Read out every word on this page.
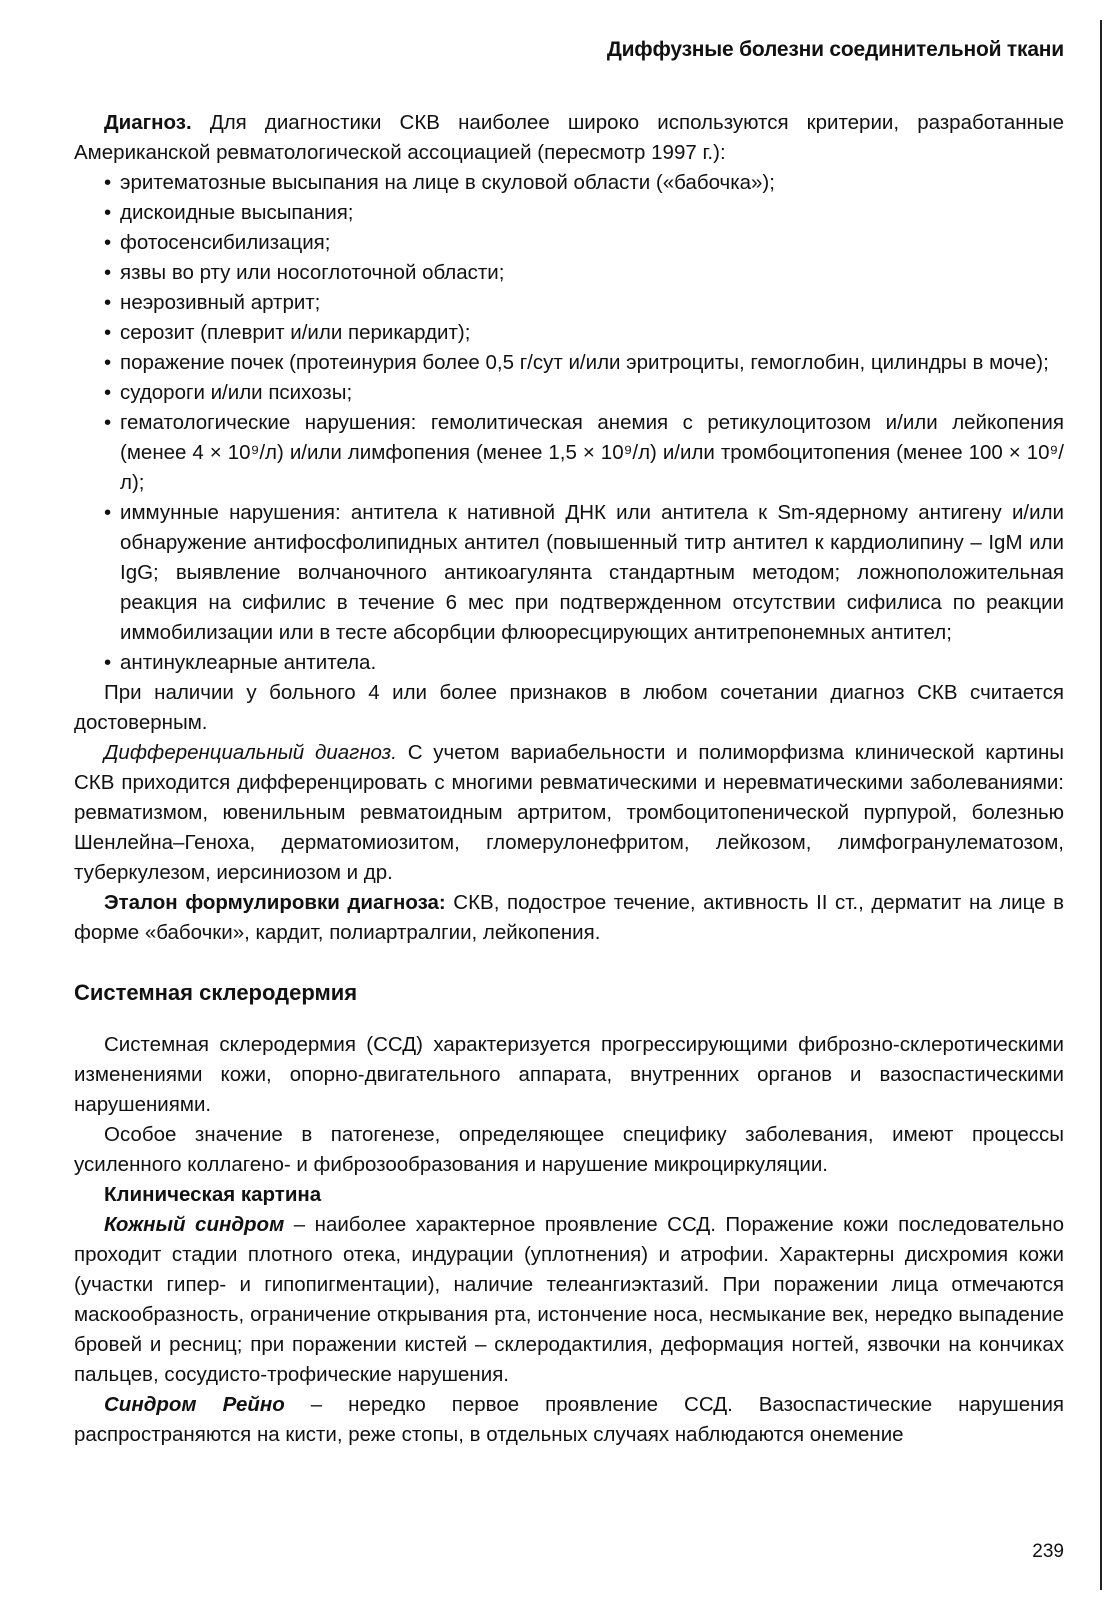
Диффузные болезни соединительной ткани

Диагноз. Для диагностики СКВ наиболее широко используются критерии, разработанные Американской ревматологической ассоциацией (пересмотр 1997 г.):

• эритематозные высыпания на лице в скуловой области («бабочка»);
• дискоидные высыпания;
• фотосенсибилизация;
• язвы во рту или носоглоточной области;
• неэрозивный артрит;
• серозит (плеврит и/или перикардит);
• поражение почек (протеинурия более 0,5 г/сут и/или эритроциты, гемоглобин, цилиндры в моче);
• судороги и/или психозы;
• гематологические нарушения: гемолитическая анемия с ретикулоцитозом и/или лейкопения (менее 4 × 10⁹/л) и/или лимфопения (менее 1,5 × 10⁹/л) и/или тромбоцитопения (менее 100 × 10⁹/л);
• иммунные нарушения: антитела к нативной ДНК или антитела к Sm-ядерному антигену и/или обнаружение антифосфолипидных антител (повышенный титр антител к кардиолипину – IgM или IgG; выявление волчаночного антикоагулянта стандартным методом; ложноположительная реакция на сифилис в течение 6 мес при подтвержденном отсутствии сифилиса по реакции иммобилизации или в тесте абсорбции флюоресцирующих антитрепонемных антител;
• антинуклеарные антитела.

При наличии у больного 4 или более признаков в любом сочетании диагноз СКВ считается достоверным.

Дифференциальный диагноз. С учетом вариабельности и полиморфизма клинической картины СКВ приходится дифференцировать с многими ревматическими и неревматическими заболеваниями: ревматизмом, ювенильным ревматоидным артритом, тромбоцитопенической пурпурой, болезнью Шенлейна–Геноха, дерматомиозитом, гломерулонефритом, лейкозом, лимфогранулематозом, туберкулезом, иерсиниозом и др.

Эталон формулировки диагноза: СКВ, подострое течение, активность II ст., дерматит на лице в форме «бабочки», кардит, полиартралгии, лейкопения.

Системная склеродермия

Системная склеродермия (ССД) характеризуется прогрессирующими фиброзно-склеротическими изменениями кожи, опорно-двигательного аппарата, внутренних органов и вазоспастическими нарушениями.

Особое значение в патогенезе, определяющее специфику заболевания, имеют процессы усиленного коллагено- и фиброзообразования и нарушение микроциркуляции.

Клиническая картина

Кожный синдром – наиболее характерное проявление ССД. Поражение кожи последовательно проходит стадии плотного отека, индурации (уплотнения) и атрофии. Характерны дисхромия кожи (участки гипер- и гипопигментации), наличие телеангиэктазий. При поражении лица отмечаются маскообразность, ограничение открывания рта, истончение носа, несмыкание век, нередко выпадение бровей и ресниц; при поражении кистей – склеродактилия, деформация ногтей, язвочки на кончиках пальцев, сосудисто-трофические нарушения.

Синдром Рейно – нередко первое проявление ССД. Вазоспастические нарушения распространяются на кисти, реже стопы, в отдельных случаях наблюдаются онемение

239
